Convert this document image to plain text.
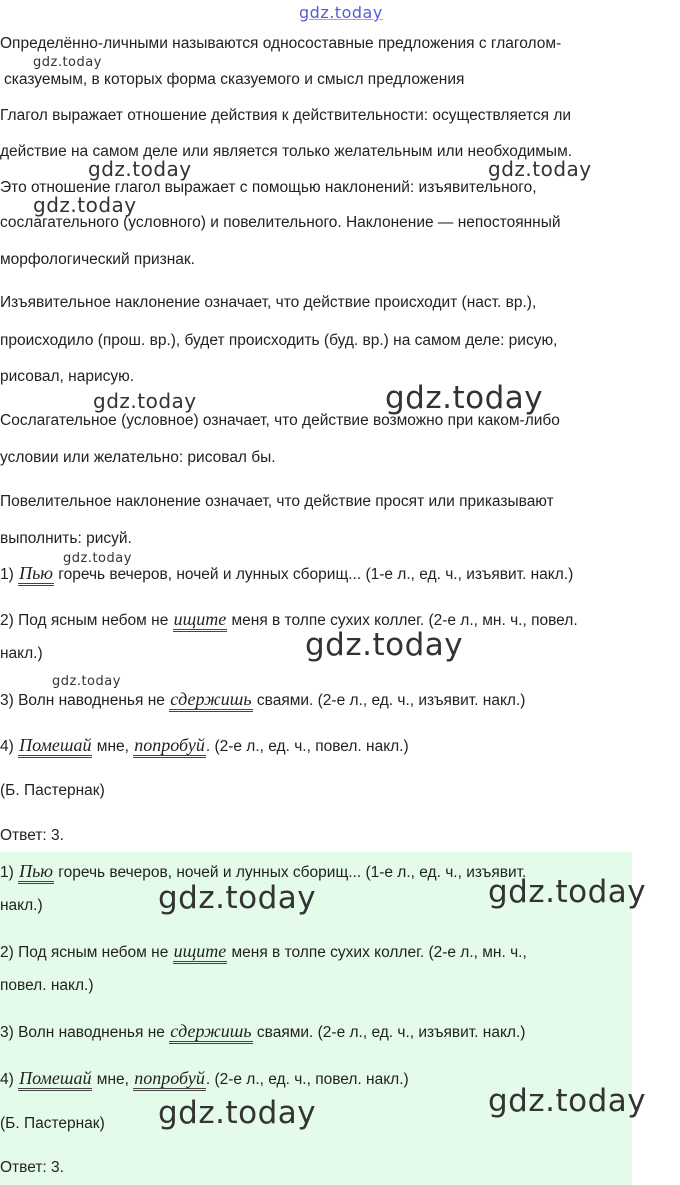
Определённо-личными называются односоставные предложения с глаголом-
сказуемым, в которых форма сказуемого и смысл предложения
Глагол выражает отношение действия к действительности: осуществляется ли
действие на самом деле или является только желательным или необходимым.
Это отношение глагол выражает с помощью наклонений: изъявительного,
сослагательного (условного) и повелительного. Наклонение — непостоянный
морфологический признак.
Изъявительное наклонение означает, что действие происходит (наст. вр.),
происходило (прош. вр.), будет происходить (буд. вр.) на самом деле: рисую,
рисовал, нарисую.
Сослагательное (условное) означает, что действие возможно при каком-либо
условии или желательно: рисовал бы.
Повелительное наклонение означает, что действие просят или приказывают
выполнить: рисуй.
1) Пью горечь вечеров, ночей и лунных сборищ... (1-е л., ед. ч., изъявит. накл.)
2) Под ясным небом не ищите меня в толпе сухих коллег. (2-е л., мн. ч., повел.
накл.)
3) Волн наводненья не сдержишь сваями. (2-е л., ед. ч., изъявит. накл.)
4) Помешай мне, попробуй. (2-е л., ед. ч., повел. накл.)
(Б. Пастернак)
Ответ: 3.
1) Пью горечь вечеров, ночей и лунных сборищ... (1-е л., ед. ч., изъявит.
накл.)
2) Под ясным небом не ищите меня в толпе сухих коллег. (2-е л., мн. ч.,
повел. накл.)
3) Волн наводненья не сдержишь сваями. (2-е л., ед. ч., изъявит. накл.)
4) Помешай мне, попробуй. (2-е л., ед. ч., повел. накл.)
(Б. Пастернак)
Ответ: 3.
gdz.today
gdz.today
gdz.today	gdz.today
gdz.today
gdz.today	gdz.today
gdz.today
gdz.today
gdz.today
gdz.today
gdz.today
gdz.today
gdz.today
